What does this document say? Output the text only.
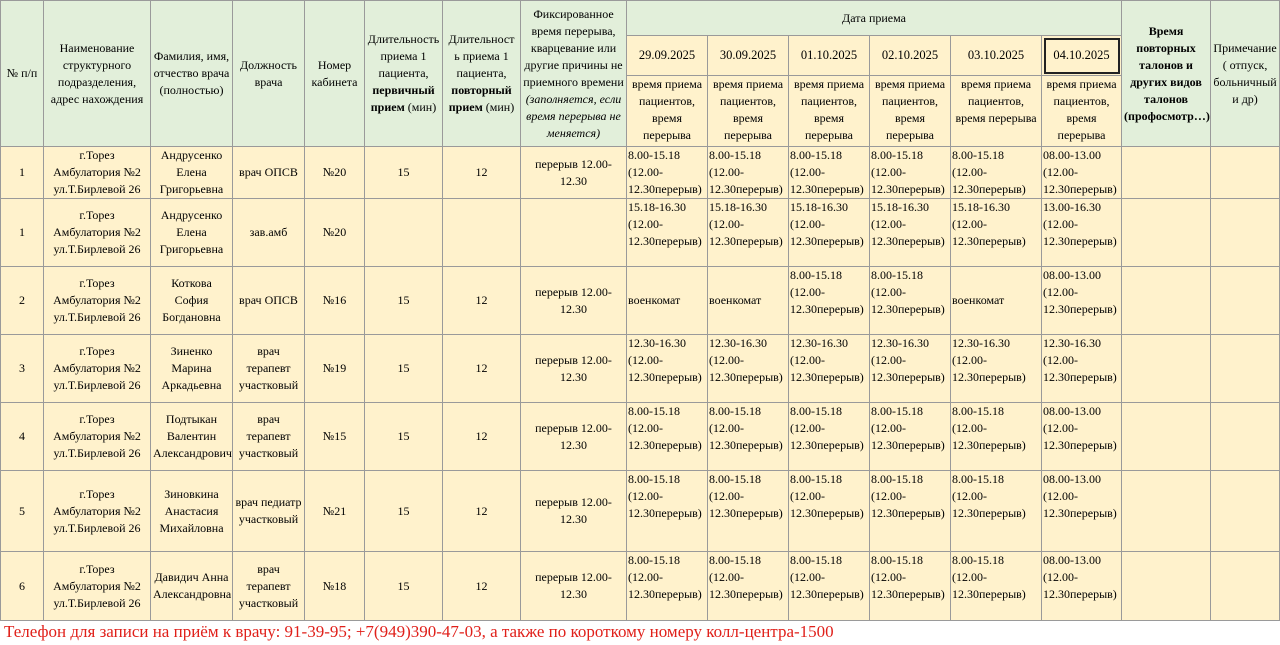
№ п/п	Наименование структурного подразделения, адрес нахождения	Фамилия, имя, отчество врача (полностью)	Должность врача	Номер кабинета	Длительность приема 1 пациента, первичный прием (мин)	Длительност ь приема 1 пациента, повторный прием (мин)	Фиксированное время перерыва, кварцевание или другие причины не приемного времени (заполняется, если время перерыва не меняется)	Дата приема						Время повторных талонов и других видов талонов (профосмотр…)	Примечание ( отпуск, больничный и др)
								29.09.2025	30.09.2025	01.10.2025	02.10.2025	03.10.2025	04.10.2025		
								время приема пациентов, время перерыва	время приема пациентов, время перерыва	время приема пациентов, время перерыва	время приема пациентов, время перерыва	время приема пациентов, время перерыва	время приема пациентов, время перерыва		
1	г.Торез Амбулатория №2 ул.Т.Бирлевой 26	Андрусенко Елена Григорьевна	врач ОПСВ	№20	15	12	перерыв 12.00-12.30	8.00-15.18 (12.00-12.30перерыв)	8.00-15.18 (12.00-12.30перерыв)	8.00-15.18 (12.00-12.30перерыв)	8.00-15.18 (12.00-12.30перерыв)	8.00-15.18 (12.00-12.30перерыв)	08.00-13.00 (12.00-12.30перерыв)		
1	г.Торез Амбулатория №2 ул.Т.Бирлевой 26	Андрусенко Елена Григорьевна	зав.амб	№20				15.18-16.30 (12.00-12.30перерыв)	15.18-16.30 (12.00-12.30перерыв)	15.18-16.30 (12.00-12.30перерыв)	15.18-16.30 (12.00-12.30перерыв)	15.18-16.30 (12.00-12.30перерыв)	13.00-16.30 (12.00-12.30перерыв)		
2	г.Торез Амбулатория №2 ул.Т.Бирлевой 26	Коткова София Богдановна	врач ОПСВ	№16	15	12	перерыв 12.00-12.30	военкомат	военкомат	8.00-15.18 (12.00-12.30перерыв)	8.00-15.18 (12.00-12.30перерыв)	военкомат	08.00-13.00 (12.00-12.30перерыв)		
3	г.Торез Амбулатория №2 ул.Т.Бирлевой 26	Зиненко Марина Аркадьевна	врач терапевт участковый	№19	15	12	перерыв 12.00-12.30	12.30-16.30 (12.00-12.30перерыв)	12.30-16.30 (12.00-12.30перерыв)	12.30-16.30 (12.00-12.30перерыв)	12.30-16.30 (12.00-12.30перерыв)	12.30-16.30 (12.00-12.30перерыв)	12.30-16.30 (12.00-12.30перерыв)		
4	г.Торез Амбулатория №2 ул.Т.Бирлевой 26	Подтыкан Валентин Александрович	врач терапевт участковый	№15	15	12	перерыв 12.00-12.30	8.00-15.18 (12.00-12.30перерыв)	8.00-15.18 (12.00-12.30перерыв)	8.00-15.18 (12.00-12.30перерыв)	8.00-15.18 (12.00-12.30перерыв)	8.00-15.18 (12.00-12.30перерыв)	08.00-13.00 (12.00-12.30перерыв)		
5	г.Торез Амбулатория №2 ул.Т.Бирлевой 26	Зиновкина Анастасия Михайловна	врач педиатр участковый	№21	15	12	перерыв 12.00-12.30	8.00-15.18 (12.00-12.30перерыв)	8.00-15.18 (12.00-12.30перерыв)	8.00-15.18 (12.00-12.30перерыв)	8.00-15.18 (12.00-12.30перерыв)	8.00-15.18 (12.00-12.30перерыв)	08.00-13.00 (12.00-12.30перерыв)		
6	г.Торез Амбулатория №2 ул.Т.Бирлевой 26	Давидич Анна Александровна	врач терапевт участковый	№18	15	12	перерыв 12.00-12.30	8.00-15.18 (12.00-12.30перерыв)	8.00-15.18 (12.00-12.30перерыв)	8.00-15.18 (12.00-12.30перерыв)	8.00-15.18 (12.00-12.30перерыв)	8.00-15.18 (12.00-12.30перерыв)	08.00-13.00 (12.00-12.30перерыв)		
Телефон для записи на приём к врачу: 91-39-95; +7(949)390-47-03, а также по короткому номеру колл-центра-1500
